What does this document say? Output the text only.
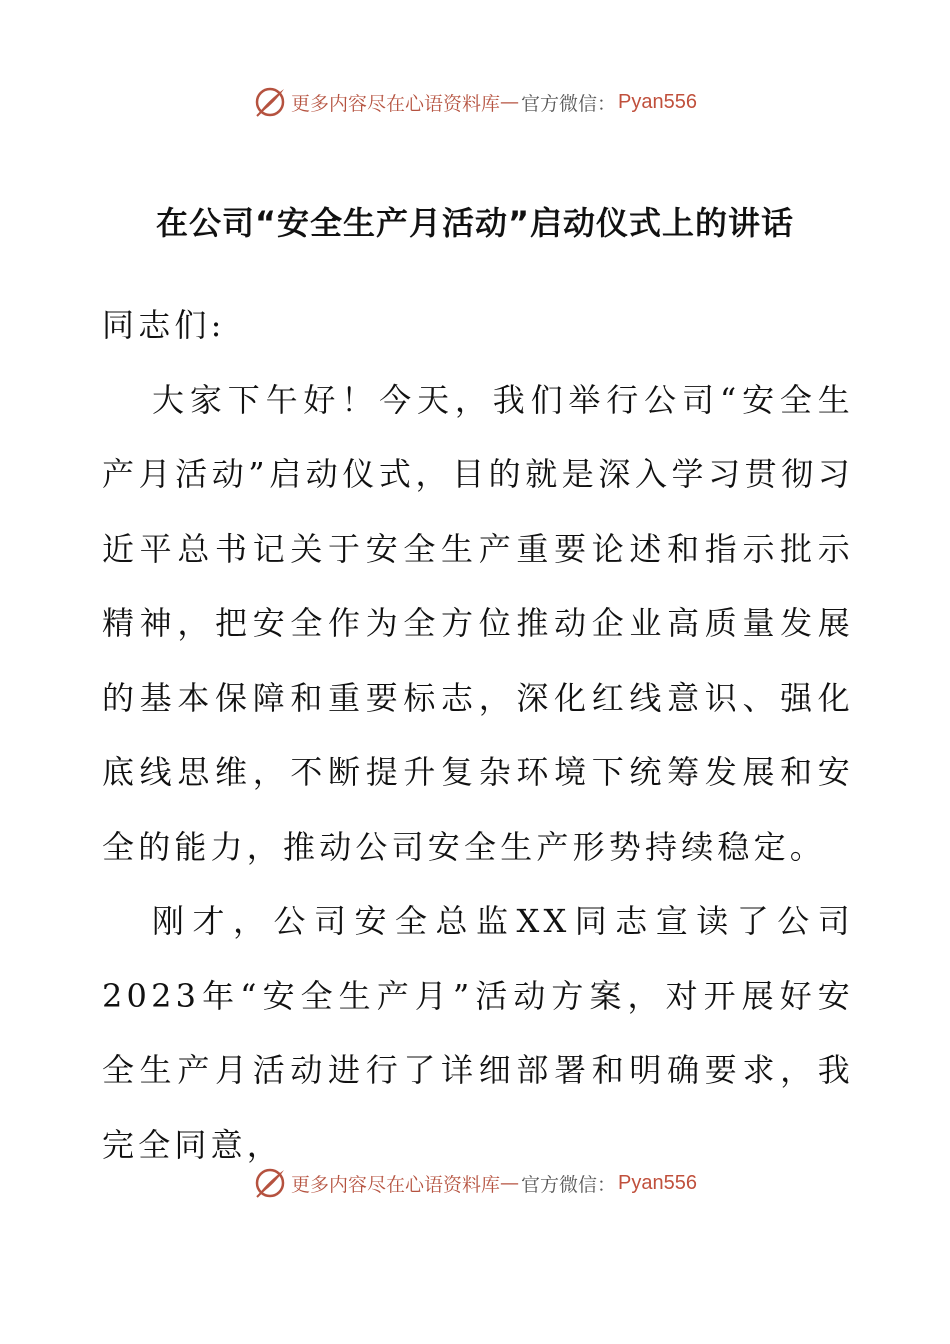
更多内容尽在心语资料库 — 官方微信： Pyan556
在公司“安全生产月活动”启动仪式上的讲话

同志们:

大家下午好！今天，我们举行公司“安全生产月活动”启动仪式，目的就是深入学习贯彻习近平总书记关于安全生产重要论述和指示批示精神，把安全作为全方位推动企业高质量发展的基本保障和重要标志，深化红线意识、强化底线思维，不断提升复杂环境下统筹发展和安全的能力，推动公司安全生产形势持续稳定。

刚才，公司安全总监XX同志宣读了公司2023年“安全生产月”活动方案，对开展好安全生产月活动进行了详细部署和明确要求，我完全同意，

更多内容尽在心语资料库 — 官方微信： Pyan556
